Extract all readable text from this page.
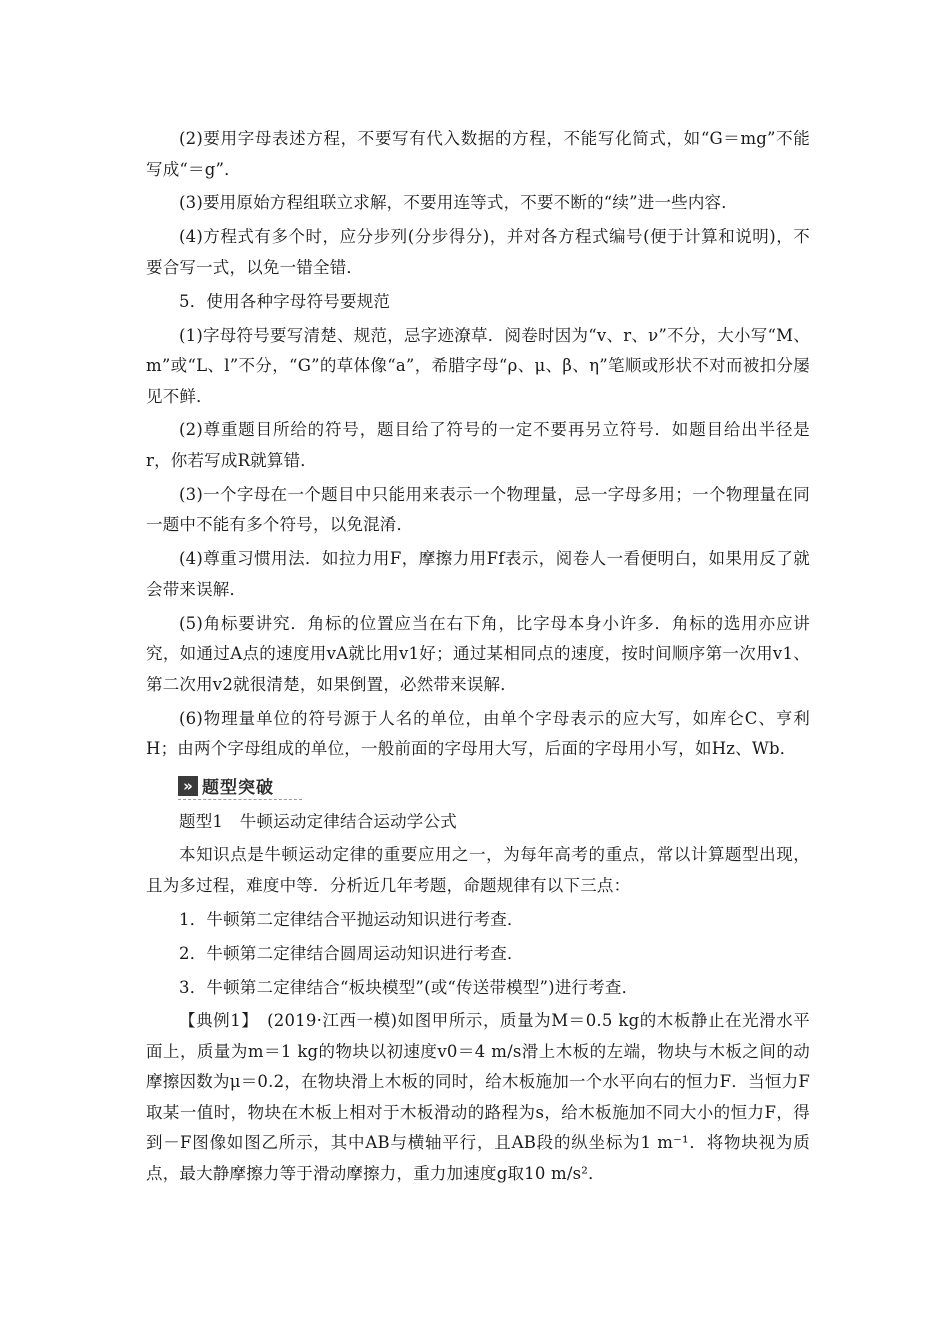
(2)要用字母表述方程，不要写有代入数据的方程，不能写化简式，如“G＝mg”不能写成“＝g”．

(3)要用原始方程组联立求解，不要用连等式，不要不断的“续”进一些内容．

(4)方程式有多个时，应分步列(分步得分)，并对各方程式编号(便于计算和说明)，不要合写一式，以免一错全错．

5．使用各种字母符号要规范

(1)字母符号要写清楚、规范，忌字迹潦草．阅卷时因为“v、r、ν”不分，大小写“M、m”或“L、l”不分，“G”的草体像“a”，希腊字母“ρ、μ、β、η”笔顺或形状不对而被扣分屡见不鲜．

(2)尊重题目所给的符号，题目给了符号的一定不要再另立符号．如题目给出半径是r，你若写成R就算错．

(3)一个字母在一个题目中只能用来表示一个物理量，忌一字母多用；一个物理量在同一题中不能有多个符号，以免混淆．

(4)尊重习惯用法．如拉力用F，摩擦力用Ff表示，阅卷人一看便明白，如果用反了就会带来误解．

(5)角标要讲究．角标的位置应当在右下角，比字母本身小许多．角标的选用亦应讲究，如通过A点的速度用vA就比用v1好；通过某相同点的速度，按时间顺序第一次用v1、第二次用v2就很清楚，如果倒置，必然带来误解．

(6)物理量单位的符号源于人名的单位，由单个字母表示的应大写，如库仑C、亨利H；由两个字母组成的单位，一般前面的字母用大写，后面的字母用小写，如Hz、Wb．

» 题型突破

题型1　牛顿运动定律结合运动学公式

本知识点是牛顿运动定律的重要应用之一，为每年高考的重点，常以计算题型出现，且为多过程，难度中等．分析近几年考题，命题规律有以下三点：

1．牛顿第二定律结合平抛运动知识进行考查．

2．牛顿第二定律结合圆周运动知识进行考查．

3．牛顿第二定律结合“板块模型”(或“传送带模型”)进行考查．

【典例1】　(2019·江西一模)如图甲所示，质量为M＝0.5 kg的木板静止在光滑水平面上，质量为m＝1 kg的物块以初速度v0＝4 m/s滑上木板的左端，物块与木板之间的动摩擦因数为μ＝0.2，在物块滑上木板的同时，给木板施加一个水平向右的恒力F．当恒力F取某一值时，物块在木板上相对于木板滑动的路程为s，给木板施加不同大小的恒力F，得到－F图像如图乙所示，其中AB与横轴平行，且AB段的纵坐标为1 m⁻¹．将物块视为质点，最大静摩擦力等于滑动摩擦力，重力加速度g取10 m/s²．
